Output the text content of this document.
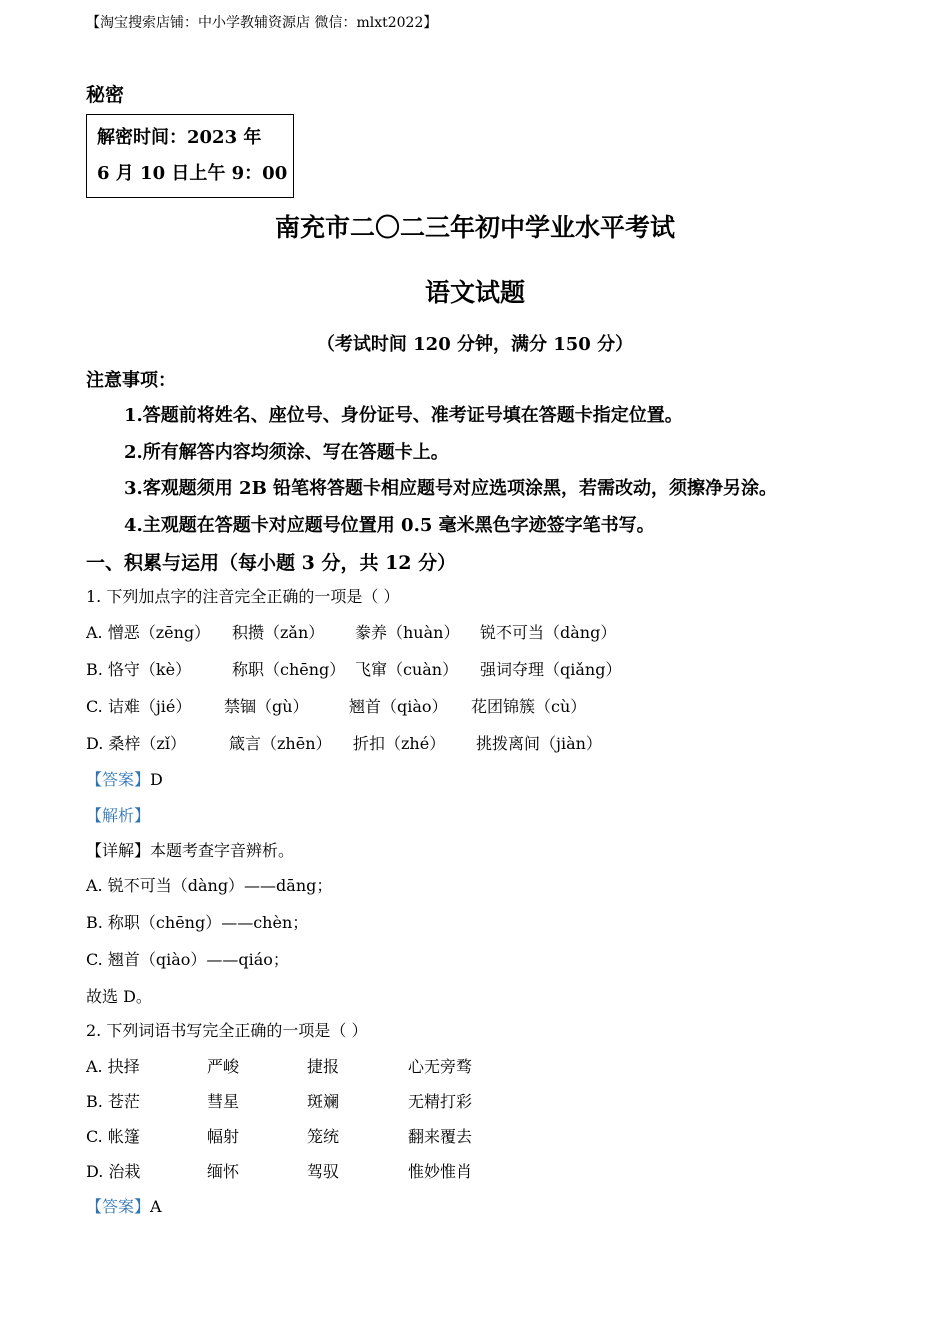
【淘宝搜索店铺：中小学教辅资源店 微信：mlxt2022】
秘密
解密时间：2023 年
6 月 10 日上午 9：00
南充市二〇二三年初中学业水平考试
语文试题
（考试时间 120 分钟，满分 150 分）
注意事项：
1.答题前将姓名、座位号、身份证号、准考证号填在答题卡指定位置。
2.所有解答内容均须涂、写在答题卡上。
3.客观题须用 2B 铅笔将答题卡相应题号对应选项涂黑，若需改动，须擦净另涂。
4.主观题在答题卡对应题号位置用 0.5 毫米黑色字迹签字笔书写。
一、积累与运用（每小题 3 分，共 12 分）
1. 下列加点字的注音完全正确的一项是（ ）
A. 憎恶（zēng） 积攒（zǎn） 豢养（huàn） 锐不可当（dàng）
B. 恪守（kè）	称职（chēng） 飞窜（cuàn） 强词夺理（qiǎng）
C. 诘难（jié） 禁锢（gù）	翘首（qiào） 花团锦簇（cù）
D. 桑梓（zǐ）	箴言（zhēn） 折扣（zhé） 挑拨离间（jiàn）
【答案】D
【解析】
【详解】本题考查字音辨析。
A. 锐不可当（dàng）——dāng；
B. 称职（chēng）——chèn；
C. 翘首（qiào）——qiáo；
故选 D。
2. 下列词语书写完全正确的一项是（ ）
A. 抉择	严峻	捷报	心无旁骛
B. 苍茫	彗星	斑斓	无精打彩
C. 帐篷	幅射	笼统	翻来覆去
D. 治栽	缅怀	驾驭	惟妙惟肖
【答案】A
